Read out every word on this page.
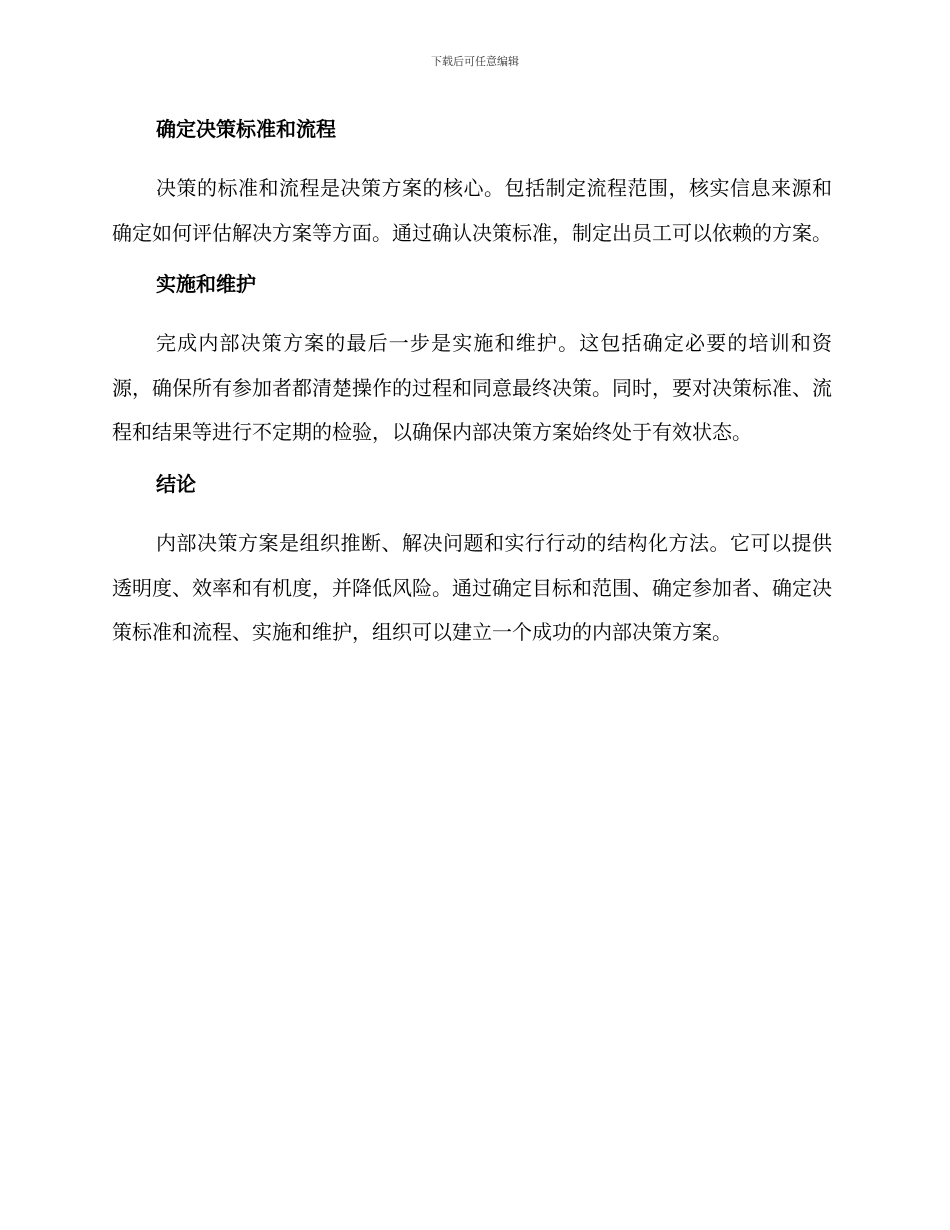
下载后可任意编辑
确定决策标准和流程

决策的标准和流程是决策方案的核心。包括制定流程范围，核实信息来源和确定如何评估解决方案等方面。通过确认决策标准，制定出员工可以依赖的方案。

实施和维护

完成内部决策方案的最后一步是实施和维护。这包括确定必要的培训和资源，确保所有参加者都清楚操作的过程和同意最终决策。同时，要对决策标准、流程和结果等进行不定期的检验，以确保内部决策方案始终处于有效状态。

结论

内部决策方案是组织推断、解决问题和实行行动的结构化方法。它可以提供透明度、效率和有机度，并降低风险。通过确定目标和范围、确定参加者、确定决策标准和流程、实施和维护，组织可以建立一个成功的内部决策方案。
